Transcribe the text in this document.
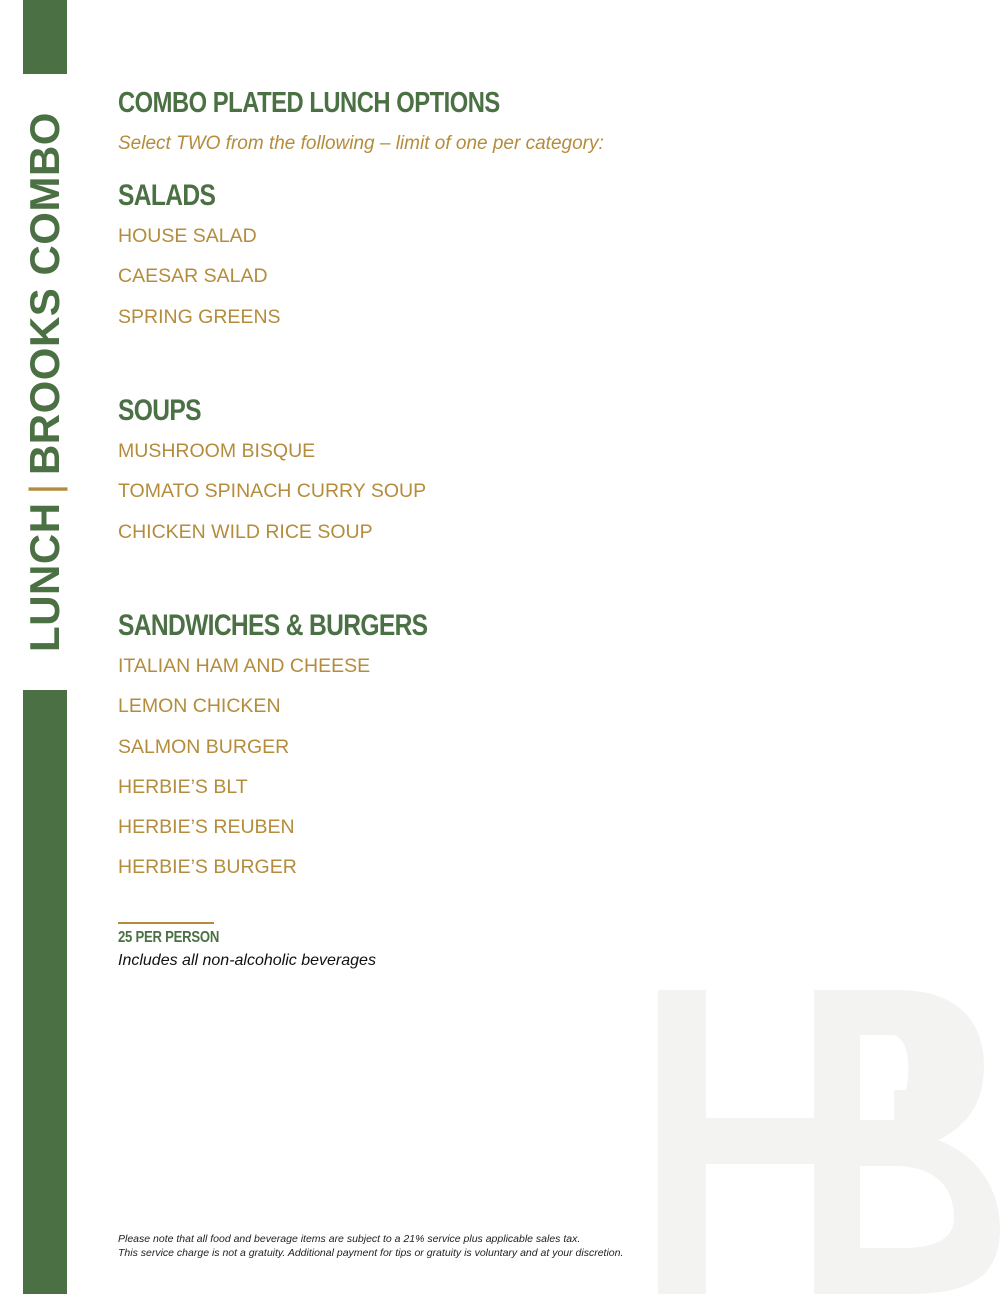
LUNCH|BROOKS COMBO
COMBO PLATED LUNCH OPTIONS
Select TWO from the following – limit of one per category:
SALADS
HOUSE SALAD
CAESAR SALAD
SPRING GREENS
SOUPS
MUSHROOM BISQUE
TOMATO SPINACH CURRY SOUP
CHICKEN WILD RICE SOUP
SANDWICHES & BURGERS
ITALIAN HAM AND CHEESE
LEMON CHICKEN
SALMON BURGER
HERBIE’S BLT
HERBIE’S REUBEN
HERBIE’S BURGER
25 PER PERSON
Includes all non-alcoholic beverages

Please note that all food and beverage items are subject to a 21% service plus applicable sales tax.

This service charge is not a gratuity. Additional payment for tips or gratuity is voluntary and at your discretion.
